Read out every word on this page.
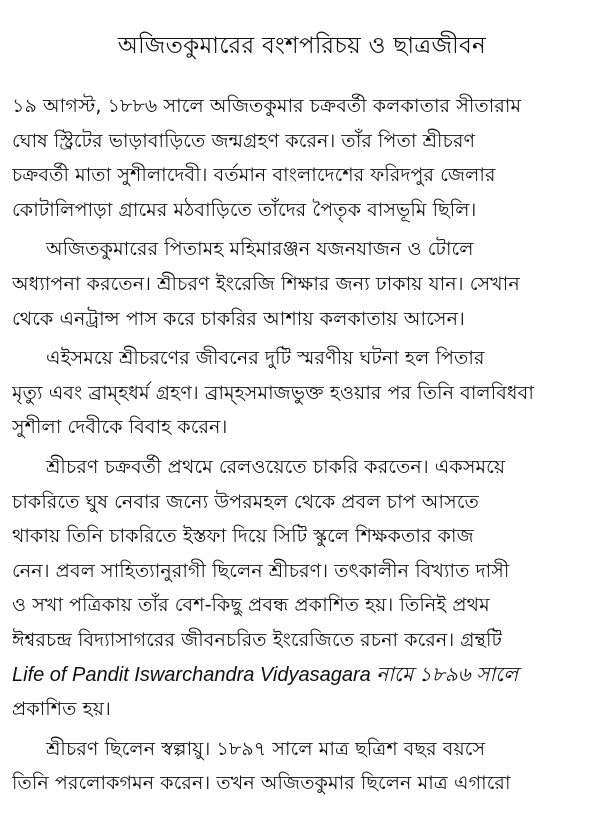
অজিতকুমারের বংশপরিচয় ও ছাত্রজীবন
১৯ আগস্ট, ১৮৮৬ সালে অজিতকুমার চক্রবর্তী কলকাতার সীতারাম
ঘোষ স্ট্রিটের ভাড়াবাড়িতে জন্মগ্রহণ করেন। তাঁর পিতা শ্রীচরণ
চক্রবর্তী মাতা সুশীলাদেবী। বর্তমান বাংলাদেশের ফরিদপুর জেলার
কোটালিপাড়া গ্রামের মঠবাড়িতে তাঁদের পৈতৃক বাসভূমি ছিলি।
অজিতকুমারের পিতামহ মহিমারঞ্জন যজনযাজন ও টোলে
অধ্যাপনা করতেন। শ্রীচরণ ইংরেজি শিক্ষার জন্য ঢাকায় যান। সেখান
থেকে এনট্রান্স পাস করে চাকরির আশায় কলকাতায় আসেন।
এইসময়ে শ্রীচরণের জীবনের দুটি স্মরণীয় ঘটনা হল পিতার
মৃত্যু এবং ব্রাম্হধর্ম গ্রহণ। ব্রাম্হসমাজভুক্ত হওয়ার পর তিনি বালবিধবা
সুশীলা দেবীকে বিবাহ করেন।
শ্রীচরণ চক্রবর্তী প্রথমে রেলওয়েতে চাকরি করতেন। একসময়ে
চাকরিতে ঘুষ নেবার জন্যে উপরমহল থেকে প্রবল চাপ আসতে
থাকায় তিনি চাকরিতে ইস্তফা দিয়ে সিটি স্কুলে শিক্ষকতার কাজ
নেন। প্রবল সাহিত্যানুরাগী ছিলেন শ্রীচরণ। তৎকালীন বিখ্যাত দাসী
ও সখা পত্রিকায় তাঁর বেশ-কিছু প্রবন্ধ প্রকাশিত হয়। তিনিই প্রথম
ঈশ্বরচন্দ্র বিদ্যাসাগরের জীবনচরিত ইংরেজিতে রচনা করেন। গ্রন্থটি
Life of Pandit Iswarchandra Vidyasagara নামে ১৮৯৬ সালে
প্রকাশিত হয়।
শ্রীচরণ ছিলেন স্বল্পায়ু। ১৮৯৭ সালে মাত্র ছত্রিশ বছর বয়সে
তিনি পরলোকগমন করেন। তখন অজিতকুমার ছিলেন মাত্র এগারো
